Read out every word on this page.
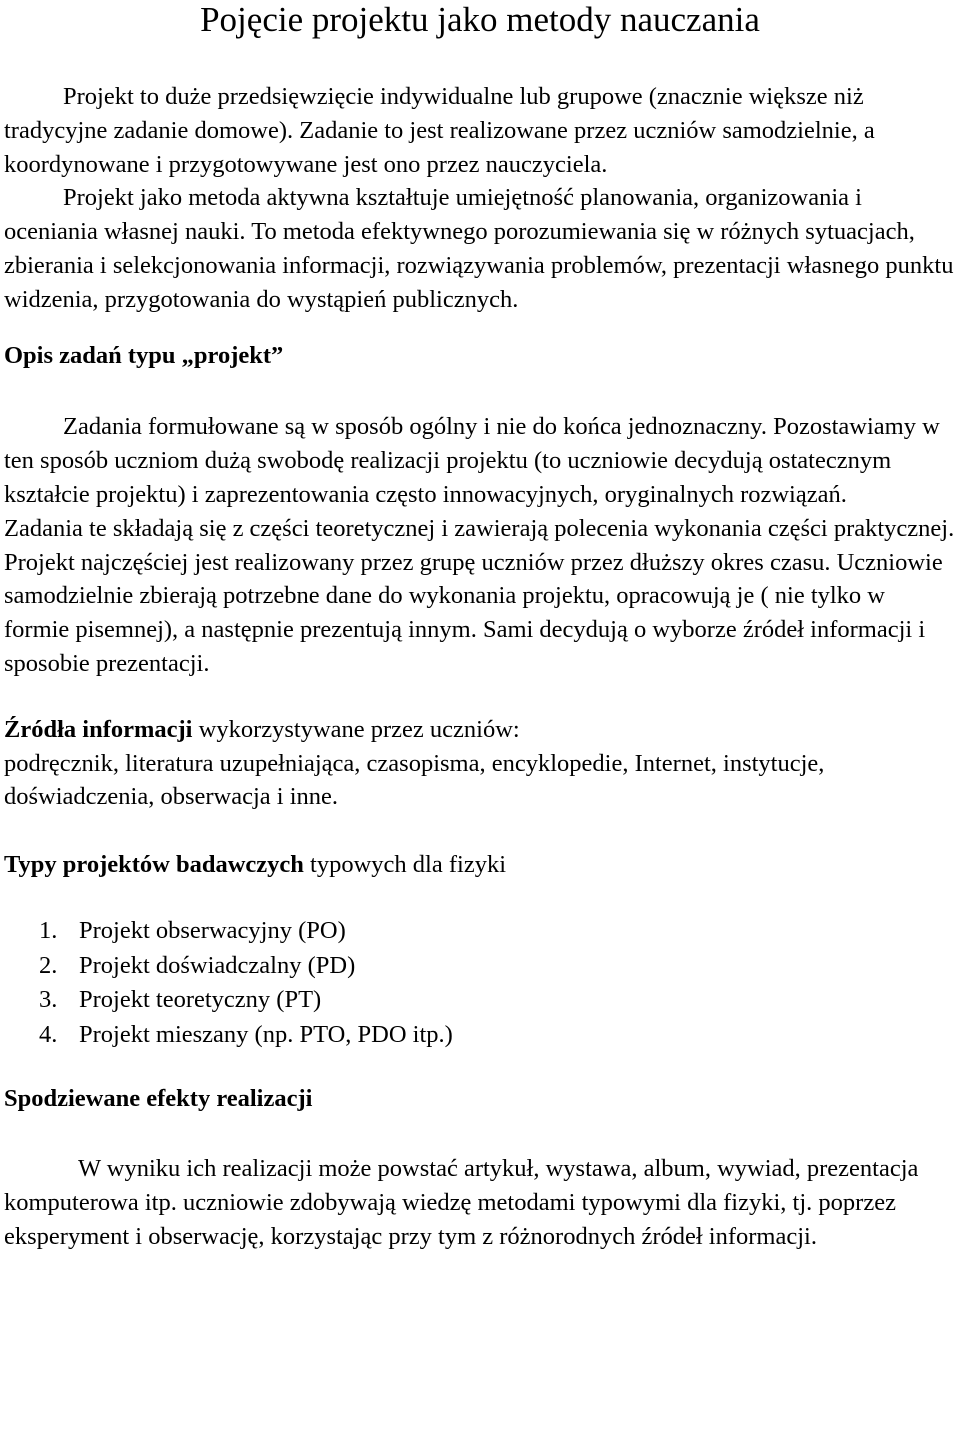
Pojęcie projektu jako metody nauczania

Projekt to duże przedsięwzięcie indywidualne lub grupowe (znacznie większe niż tradycyjne zadanie domowe). Zadanie to jest realizowane przez uczniów samodzielnie, a koordynowane i przygotowywane jest ono przez nauczyciela.

Projekt jako metoda aktywna kształtuje umiejętność planowania, organizowania i oceniania własnej nauki. To metoda efektywnego porozumiewania się w różnych sytuacjach, zbierania i selekcjonowania informacji, rozwiązywania problemów, prezentacji własnego punktu widzenia, przygotowania do wystąpień publicznych.

Opis zadań typu „projekt”

Zadania formułowane są w sposób ogólny i nie do końca jednoznaczny. Pozostawiamy w ten sposób uczniom dużą swobodę realizacji projektu (to uczniowie decydują ostatecznym kształcie projektu) i zaprezentowania często innowacyjnych, oryginalnych rozwiązań.

Zadania te składają się z części teoretycznej i zawierają polecenia wykonania części praktycznej. Projekt najczęściej jest realizowany przez grupę uczniów przez dłuższy okres czasu. Uczniowie samodzielnie zbierają potrzebne dane do wykonania projektu, opracowują je ( nie tylko w formie pisemnej), a następnie prezentują innym. Sami decydują o wyborze źródeł informacji i sposobie prezentacji.

Źródła informacji wykorzystywane przez uczniów:

podręcznik, literatura uzupełniająca, czasopisma, encyklopedie, Internet, instytucje, doświadczenia, obserwacja i inne.

Typy projektów badawczych typowych dla fizyki

1. Projekt obserwacyjny (PO)
2. Projekt doświadczalny (PD)
3. Projekt teoretyczny (PT)
4. Projekt mieszany (np. PTO, PDO itp.)
Spodziewane efekty realizacji

W wyniku ich realizacji może powstać artykuł, wystawa, album, wywiad, prezentacja komputerowa itp. uczniowie zdobywają wiedzę metodami typowymi dla fizyki, tj. poprzez eksperyment i obserwację, korzystając przy tym z różnorodnych źródeł informacji.
